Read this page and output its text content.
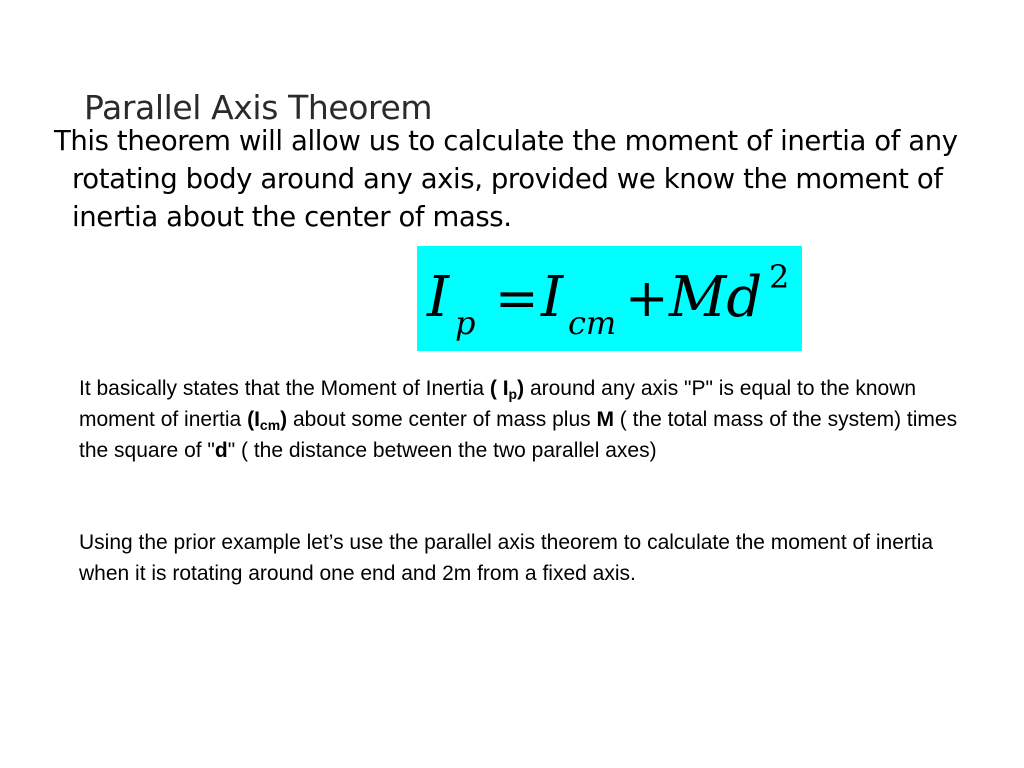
Parallel Axis Theorem

This theorem will allow us to calculate the moment of inertia of any rotating body around any axis, provided we know the moment of inertia about the center of mass.

I p = I cm + Md 2

It basically states that the Moment of Inertia ( $I_p$) around any axis "P" is equal to the known moment of inertia $(I_{cm})$ about some center of mass plus M ( the total mass of the system) times the square of "d" ( the distance between the two parallel axes)

Using the prior example let’s use the parallel axis theorem to calculate the moment of inertia when it is rotating around one end and 2m from a fixed axis.
